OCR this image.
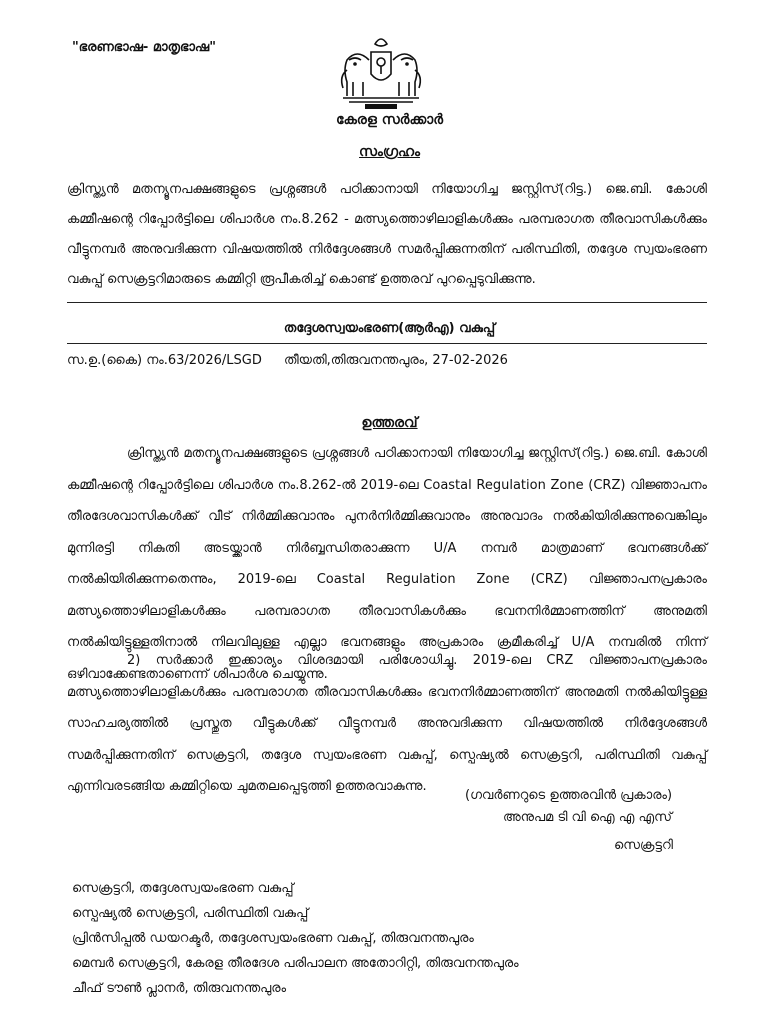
"ഭരണഭാഷ- മാതൃഭാഷ"
കേരള സർക്കാർ
സംഗ്രഹം
ക്രിസ്ത്യൻ മതന്യൂനപക്ഷങ്ങളുടെ പ്രശ്നങ്ങൾ പഠിക്കാനായി നിയോഗിച്ച ജസ്റ്റിസ്(റിട്ട.) ജെ.ബി. കോശി കമ്മീഷന്റെ റിപ്പോർട്ടിലെ ശിപാർശ നം.8.262 - മത്സ്യത്തൊഴിലാളികൾക്കും പരമ്പരാഗത തീരവാസികൾക്കും വീട്ടുനമ്പർ അനുവദിക്കുന്ന വിഷയത്തിൽ നിർദ്ദേശങ്ങൾ സമർപ്പിക്കുന്നതിന് പരിസ്ഥിതി, തദ്ദേശ സ്വയംഭരണ വകുപ്പ് സെക്രട്ടറിമാരുടെ കമ്മിറ്റി രൂപീകരിച്ച് കൊണ്ട് ഉത്തരവ് പുറപ്പെടുവിക്കുന്നു.
തദ്ദേശസ്വയംഭരണ(ആർഎ) വകുപ്പ്
സ.ഉ.(കൈ) നം.63/2026/LSGD തീയതി,തിരുവനന്തപുരം, 27-02-2026
ഉത്തരവ്
ക്രിസ്ത്യൻ മതന്യൂനപക്ഷങ്ങളുടെ പ്രശ്നങ്ങൾ പഠിക്കാനായി നിയോഗിച്ച ജസ്റ്റിസ്(റിട്ട.) ജെ.ബി. കോശി കമ്മീഷന്റെ റിപ്പോർട്ടിലെ ശിപാർശ നം.8.262-ൽ 2019-ലെ Coastal Regulation Zone (CRZ) വിജ്ഞാപനം തീരദേശവാസികൾക്ക് വീട് നിർമ്മിക്കുവാനും പുനർനിർമ്മിക്കുവാനും അനുവാദം നൽകിയിരിക്കുന്നുവെങ്കിലും മുന്നിരട്ടി നികുതി അടയ്ക്കാൻ നിർബ്ബന്ധിതരാക്കുന്ന U/A നമ്പർ മാത്രമാണ് ഭവനങ്ങൾക്ക് നൽകിയിരിക്കുന്നതെന്നും, 2019-ലെ Coastal Regulation Zone (CRZ) വിജ്ഞാപനപ്രകാരം മത്സ്യത്തൊഴിലാളികൾക്കും പരമ്പരാഗത തീരവാസികൾക്കും ഭവനനിർമ്മാണത്തിന് അനുമതി നൽകിയിട്ടുള്ളതിനാൽ നിലവിലുള്ള എല്ലാ ഭവനങ്ങളും അപ്രകാരം ക്രമീകരിച്ച് U/A നമ്പരിൽ നിന്ന് ഒഴിവാക്കേണ്ടതാണെന്ന് ശിപാർശ ചെയ്യുന്നു.
2) സർക്കാർ ഇക്കാര്യം വിശദമായി പരിശോധിച്ചു. 2019-ലെ CRZ വിജ്ഞാപനപ്രകാരം മത്സ്യത്തൊഴിലാളികൾക്കും പരമ്പരാഗത തീരവാസികൾക്കും ഭവനനിർമ്മാണത്തിന് അനുമതി നൽകിയിട്ടുള്ള സാഹചര്യത്തിൽ പ്രസ്തുത വീട്ടുകൾക്ക് വീട്ടുനമ്പർ അനുവദിക്കുന്ന വിഷയത്തിൽ നിർദ്ദേശങ്ങൾ സമർപ്പിക്കുന്നതിന് സെക്രട്ടറി, തദ്ദേശ സ്വയംഭരണ വകുപ്പ്, സ്പെഷ്യൽ സെക്രട്ടറി, പരിസ്ഥിതി വകുപ്പ് എന്നിവരടങ്ങിയ കമ്മിറ്റിയെ ചുമതലപ്പെടുത്തി ഉത്തരവാകുന്നു.
(ഗവർണറുടെ ഉത്തരവിൻ പ്രകാരം)
അനുപമ ടി വി ഐ എ എസ്
സെക്രട്ടറി
സെക്രട്ടറി, തദ്ദേശസ്വയംഭരണ വകുപ്പ്
സ്പെഷ്യൽ സെക്രട്ടറി, പരിസ്ഥിതി വകുപ്പ്
പ്രിൻസിപ്പൽ ഡയറക്ടർ, തദ്ദേശസ്വയംഭരണ വകുപ്പ്, തിരുവനന്തപുരം
മെമ്പർ സെക്രട്ടറി, കേരള തീരദേശ പരിപാലന അതോറിറ്റി, തിരുവനന്തപുരം
ചീഫ് ടൗൺ പ്ലാനർ, തിരുവനന്തപുരം
